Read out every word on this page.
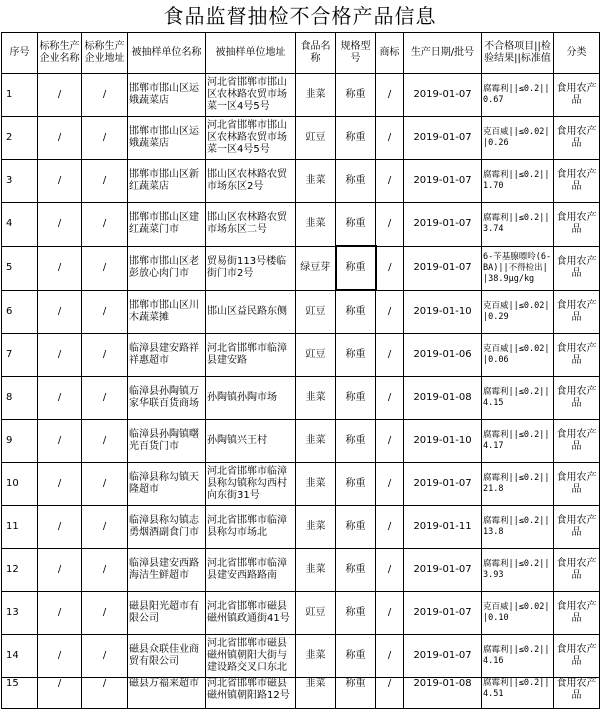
食品监督抽检不合格产品信息
序号	标称生产企业名称	标称生产企业地址	被抽样单位名称	被抽样单位地址	食品名称	规格型号	商标	生产日期/批号	不合格项目||检验结果||标准值	分类
1	/	/	邯郸市邯山区运娥蔬菜店	河北省邯郸市邯山区农林路农贸市场菜一区4号5号	韭菜	称重	/	2019-01-07	腐霉利||≤0.2||0.67	食用农产品
2	/	/	邯郸市邯山区运娥蔬菜店	河北省邯郸市邯山区农林路农贸市场菜一区4号5号	豇豆	称重	/	2019-01-07	克百威||≤0.02||0.26	食用农产品
3	/	/	邯郸市邯山区新红蔬菜店	邯山区农林路农贸市场东区2号	韭菜	称重	/	2019-01-07	腐霉利||≤0.2||1.70	食用农产品
4	/	/	邯郸市邯山区建红蔬菜门市	邯山区农林路农贸市场东区二号	韭菜	称重	/	2019-01-07	腐霉利||≤0.2||3.74	食用农产品
5	/	/	邯郸市邯山区老彭放心肉门市	贸易街113号楼临街门市2号	绿豆芽	称重	/	2019-01-07	6-苄基腺嘌呤(6-BA)||不得检出||38.9μg/kg	食用农产品
6	/	/	邯郸市邯山区川木蔬菜摊	邯山区益民路东侧	豇豆	称重	/	2019-01-10	克百威||≤0.02||0.29	食用农产品
7	/	/	临漳县建安路祥祥惠超市	河北省邯郸市临漳县建安路	豇豆	称重	/	2019-01-06	克百威||≤0.02||0.06	食用农产品
8	/	/	临漳县孙陶镇万家华联百货商场	孙陶镇孙陶市场	韭菜	称重	/	2019-01-08	腐霉利||≤0.2||4.15	食用农产品
9	/	/	临漳县孙陶镇曙光百货门市	孙陶镇兴王村	韭菜	称重	/	2019-01-10	腐霉利||≤0.2||4.17	食用农产品
10	/	/	临漳县称勾镇天隆超市	河北省邯郸市临漳县称勾镇称勾西村向东街31号	韭菜	称重	/	2019-01-07	腐霉利||≤0.2||21.8	食用农产品
11	/	/	临漳县称勾镇志勇烟酒副食门市	河北省邯郸市临漳县称勾市场北	韭菜	称重	/	2019-01-11	腐霉利||≤0.2||13.8	食用农产品
12	/	/	临漳县建安西路海洁生鲜超市	河北省邯郸市临漳县建安西路路南	韭菜	称重	/	2019-01-07	腐霉利||≤0.2||3.93	食用农产品
13	/	/	磁县阳光超市有限公司	河北省邯郸市磁县磁州镇政通街41号	豇豆	称重	/	2019-01-07	克百威||≤0.02||0.10	食用农产品
14	/	/	磁县众联佳业商贸有限公司	河北省邯郸市磁县磁州镇朝阳大街与建设路交叉口东北	韭菜	称重	/	2019-01-07	腐霉利||≤0.2||4.16	食用农产品
15	/	/	磁县万福来超市	河北省邯郸市磁县磁州镇朝阳路12号	韭菜	称重	/	2019-01-08	腐霉利||≤0.2||4.51	食用农产品
